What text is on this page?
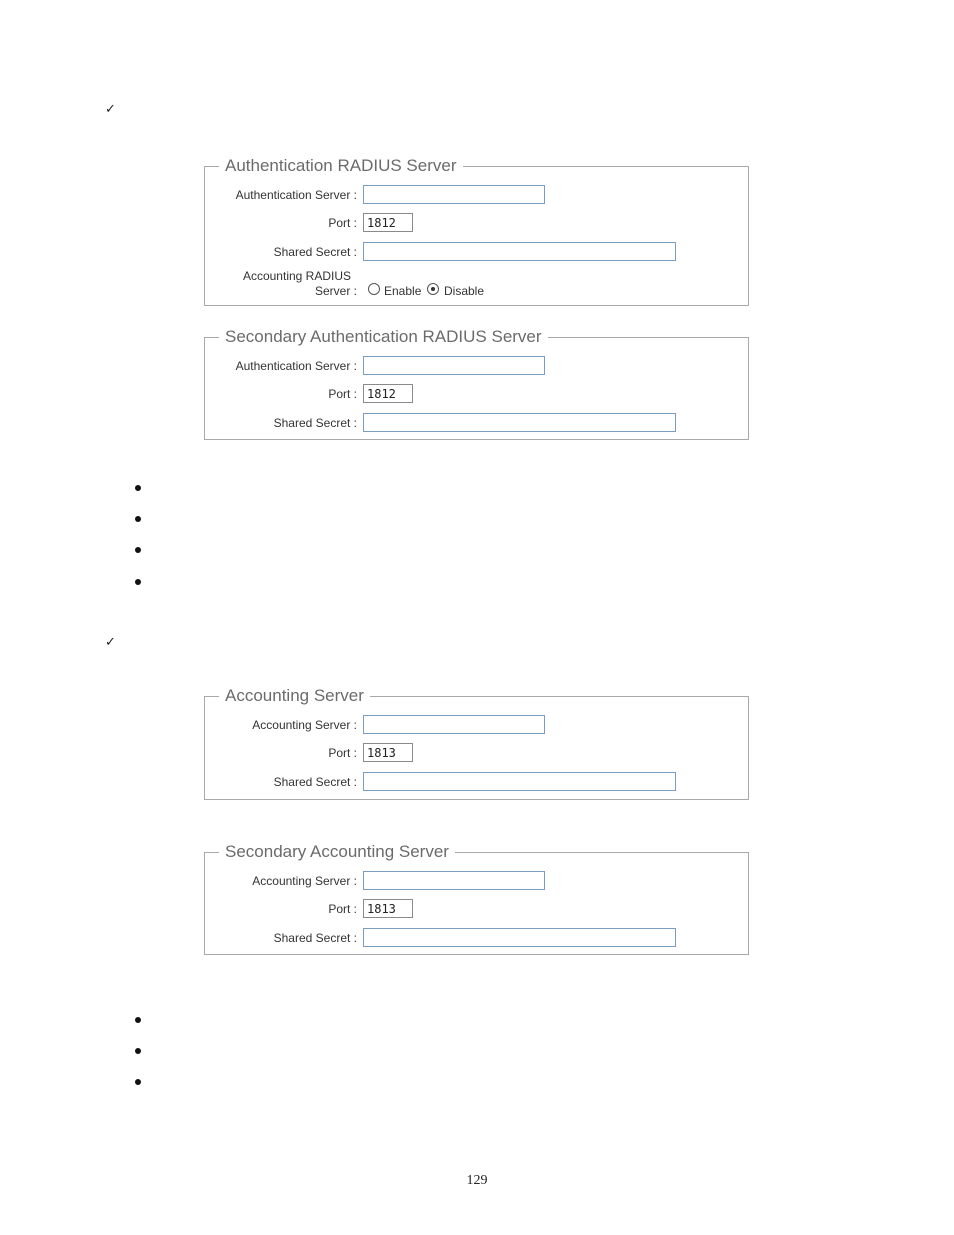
✓
✓
Authentication RADIUS Server
Authentication Server :
Port :
1812
Shared Secret :
Accounting RADIUS
Server : Enable Disable
Secondary Authentication RADIUS Server
Authentication Server :
Port :
1812
Shared Secret :
Accounting Server
Accounting Server :
Port :
1813
Shared Secret :
Secondary Accounting Server
Accounting Server :
Port :
1813
Shared Secret :
129
